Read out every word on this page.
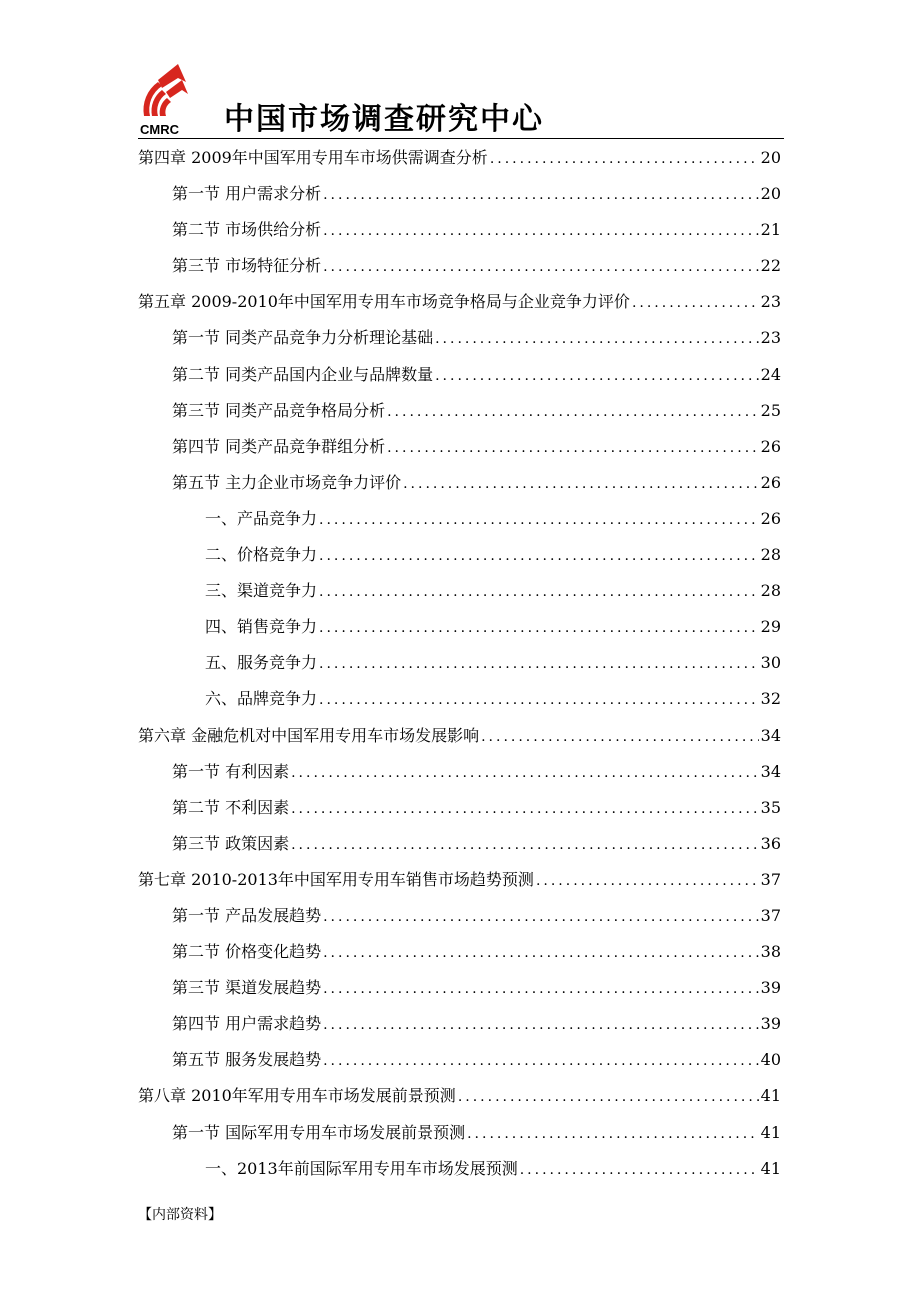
CMRC 中国市场调查研究中心
第四章 2009年中国军用专用车市场供需调查分析 .....	20
第一节 用户需求分析 .....	20
第二节 市场供给分析 .....	21
第三节 市场特征分析 .....	22
第五章 2009-2010年中国军用专用车市场竞争格局与企业竞争力评价 .....	23
第一节 同类产品竞争力分析理论基础 .....	23
第二节 同类产品国内企业与品牌数量 .....	24
第三节 同类产品竞争格局分析 .....	25
第四节 同类产品竞争群组分析 .....	26
第五节 主力企业市场竞争力评价 .....	26
一、产品竞争力 .....	26
二、价格竞争力 .....	28
三、渠道竞争力 .....	28
四、销售竞争力 .....	29
五、服务竞争力 .....	30
六、品牌竞争力 .....	32
第六章 金融危机对中国军用专用车市场发展影响 .....	34
第一节 有利因素 .....	34
第二节 不利因素 .....	35
第三节 政策因素 .....	36
第七章 2010-2013年中国军用专用车销售市场趋势预测 .....	37
第一节 产品发展趋势 .....	37
第二节 价格变化趋势 .....	38
第三节 渠道发展趋势 .....	39
第四节 用户需求趋势 .....	39
第五节 服务发展趋势 .....	40
第八章 2010年军用专用车市场发展前景预测 .....	41
第一节 国际军用专用车市场发展前景预测 .....	41
一、2013年前国际军用专用车市场发展预测 .....	41
【内部资料】
